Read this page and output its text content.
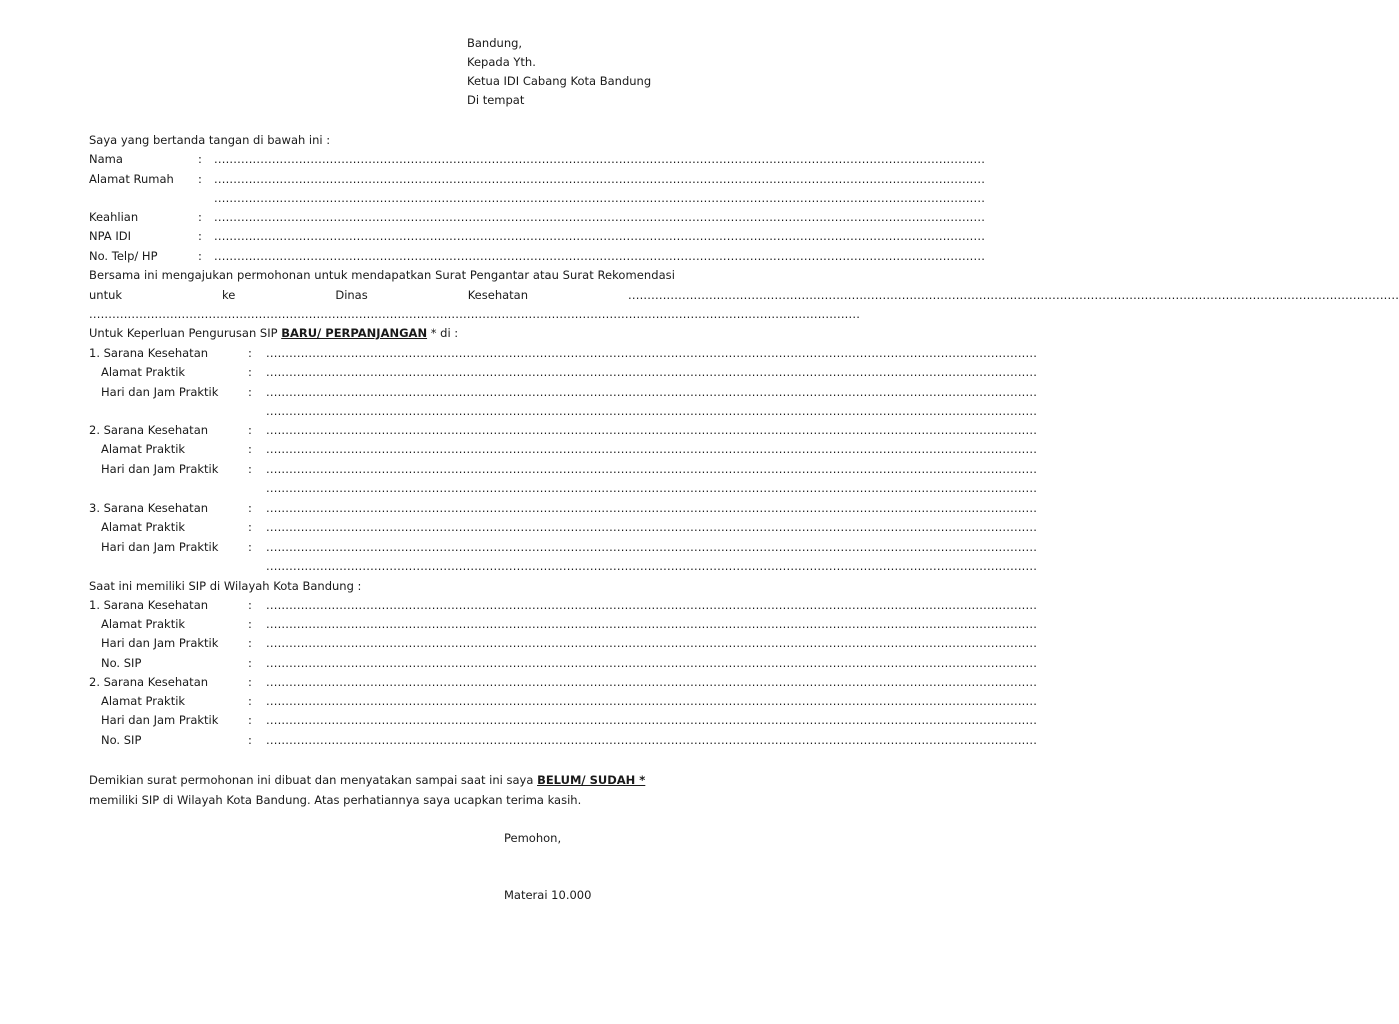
Bandung,
Kepada Yth.
Ketua IDI Cabang Kota Bandung
Di tempat
Saya yang bertanda tangan di bawah ini :
Nama	: ........................................................................................................................................................................................................
Alamat Rumah : ........................................................................................................................................................................................................
........................................................................................................................................................................................................
Keahlian	: ........................................................................................................................................................................................................
NPA IDI	: ........................................................................................................................................................................................................
No. Telp/ HP	: ........................................................................................................................................................................................................
Bersama ini mengajukan permohonan untuk mendapatkan Surat Pengantar atau Surat Rekomendasi
untuk	ke	Dinas	Kesehatan	........................................................................................................................................................................................................
........................................................................................................................................................................................................
Untuk Keperluan Pengurusan SIP BARU/ PERPANJANGAN * di :
1. Sarana Kesehatan	: ........................................................................................................................................................................................................
Alamat Praktik	: ........................................................................................................................................................................................................
Hari dan Jam Praktik	: ........................................................................................................................................................................................................
........................................................................................................................................................................................................
2. Sarana Kesehatan	: ........................................................................................................................................................................................................
Alamat Praktik	: ........................................................................................................................................................................................................
Hari dan Jam Praktik	: ........................................................................................................................................................................................................
........................................................................................................................................................................................................
3. Sarana Kesehatan	: ........................................................................................................................................................................................................
Alamat Praktik	: ........................................................................................................................................................................................................
Hari dan Jam Praktik	: ........................................................................................................................................................................................................
........................................................................................................................................................................................................
Saat ini memiliki SIP di Wilayah Kota Bandung :
1. Sarana Kesehatan	: ........................................................................................................................................................................................................
Alamat Praktik	: ........................................................................................................................................................................................................
Hari dan Jam Praktik	: ........................................................................................................................................................................................................
No. SIP	: ........................................................................................................................................................................................................
2. Sarana Kesehatan	: ........................................................................................................................................................................................................
Alamat Praktik	: ........................................................................................................................................................................................................
Hari dan Jam Praktik	: ........................................................................................................................................................................................................
No. SIP	: ........................................................................................................................................................................................................
Demikian surat permohonan ini dibuat dan menyatakan sampai saat ini saya BELUM/ SUDAH *
memiliki SIP di Wilayah Kota Bandung. Atas perhatiannya saya ucapkan terima kasih.
Pemohon,
Materai 10.000
